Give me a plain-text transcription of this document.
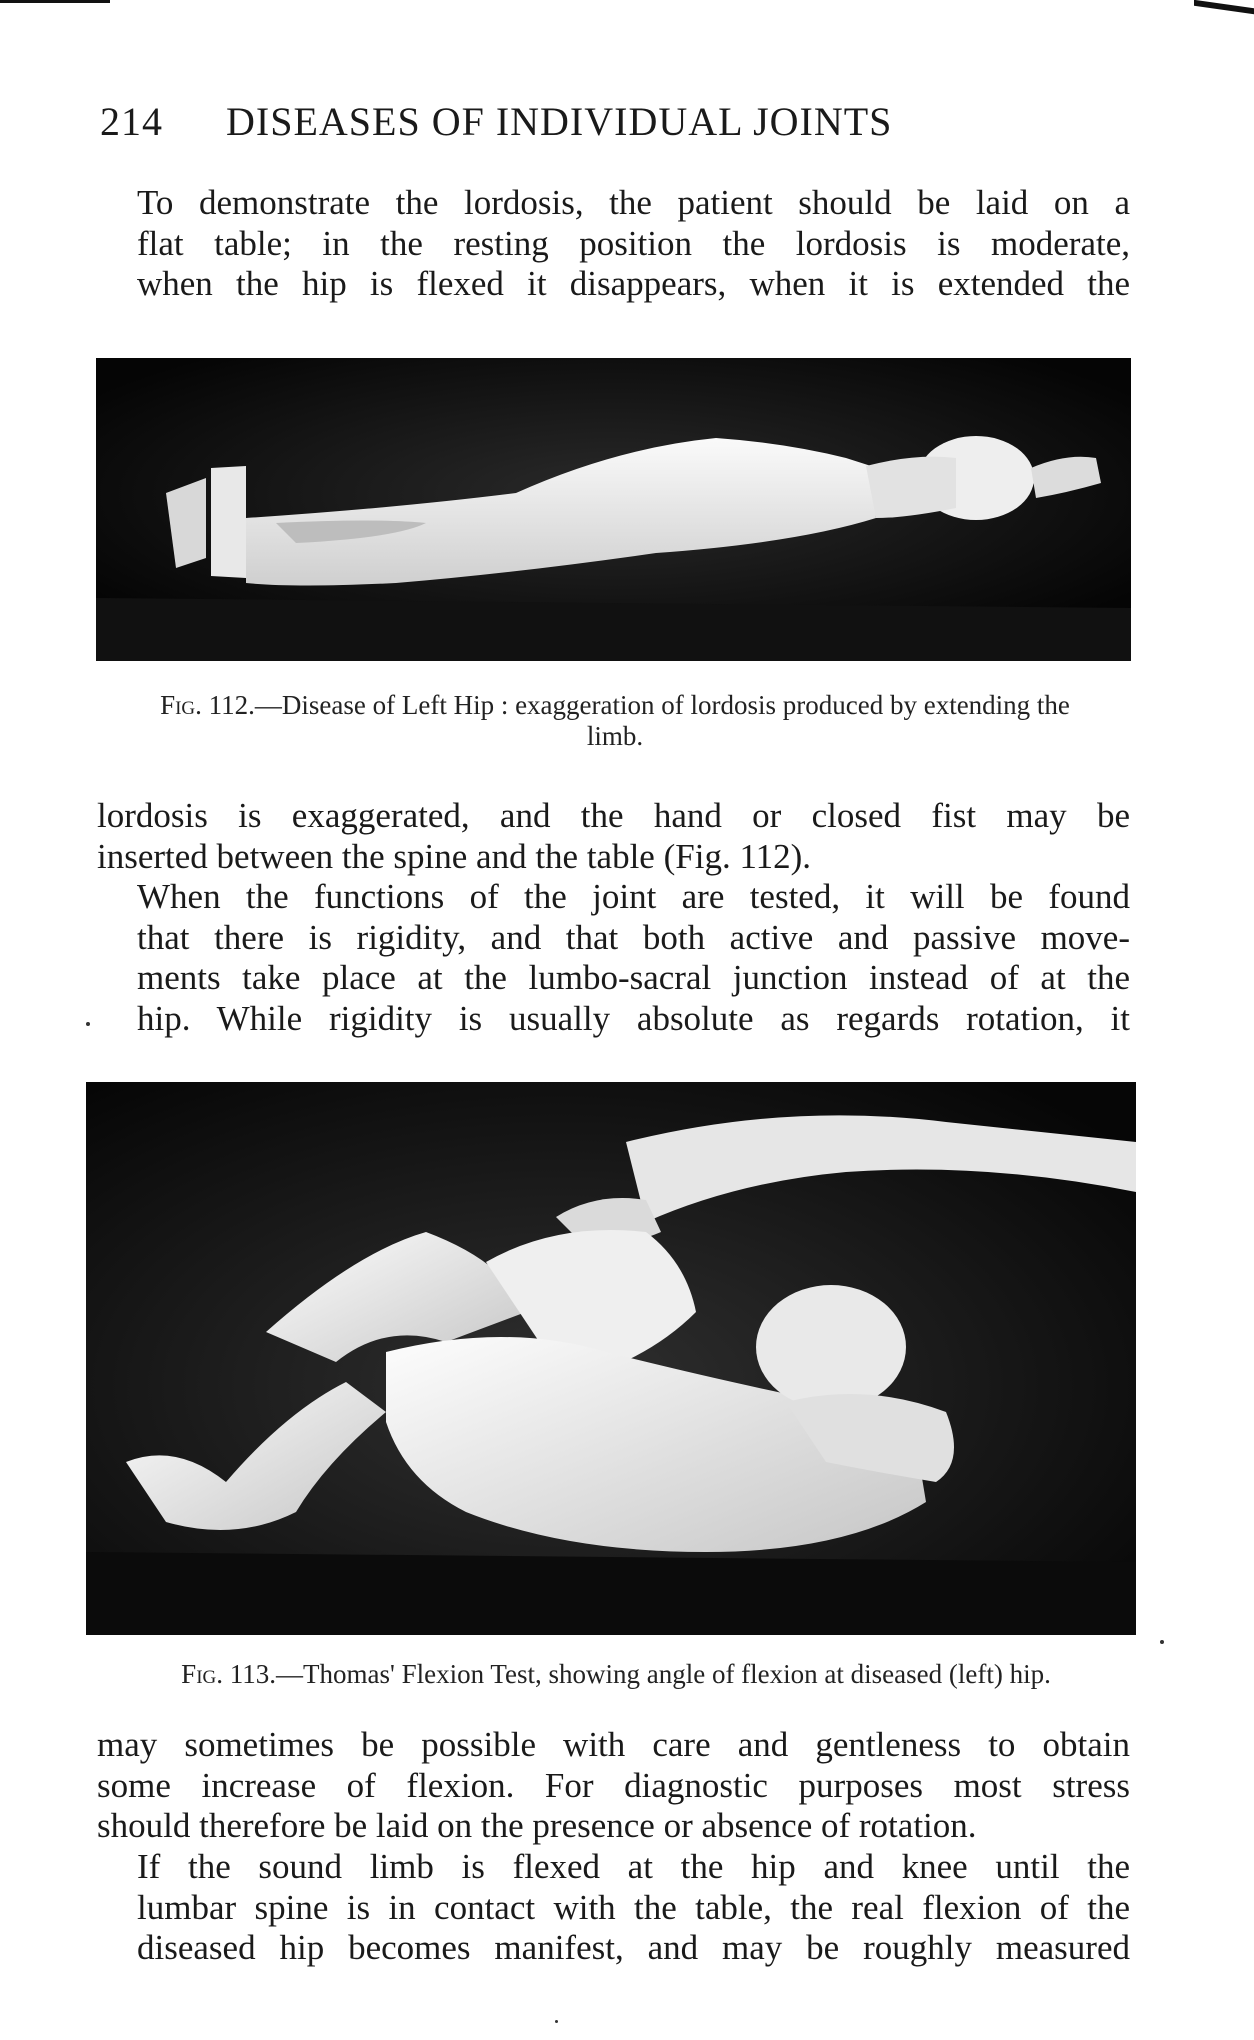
214 DISEASES OF INDIVIDUAL JOINTS
To demonstrate the lordosis, the patient should be laid on a
flat table; in the resting position the lordosis is moderate,
when the hip is flexed it disappears, when it is extended the
Fig. 112.—Disease of Left Hip : exaggeration of lordosis produced by extending the limb.
lordosis is exaggerated, and the hand or closed fist may be
inserted between the spine and the table (Fig. 112).
When the functions of the joint are tested, it will be found
that there is rigidity, and that both active and passive move-
ments take place at the lumbo-sacral junction instead of at the
hip. While rigidity is usually absolute as regards rotation, it
Fig. 113.—Thomas' Flexion Test, showing angle of flexion at diseased (left) hip.
may sometimes be possible with care and gentleness to obtain
some increase of flexion. For diagnostic purposes most stress
should therefore be laid on the presence or absence of rotation.
If the sound limb is flexed at the hip and knee until the
lumbar spine is in contact with the table, the real flexion of the
diseased hip becomes manifest, and may be roughly measured
